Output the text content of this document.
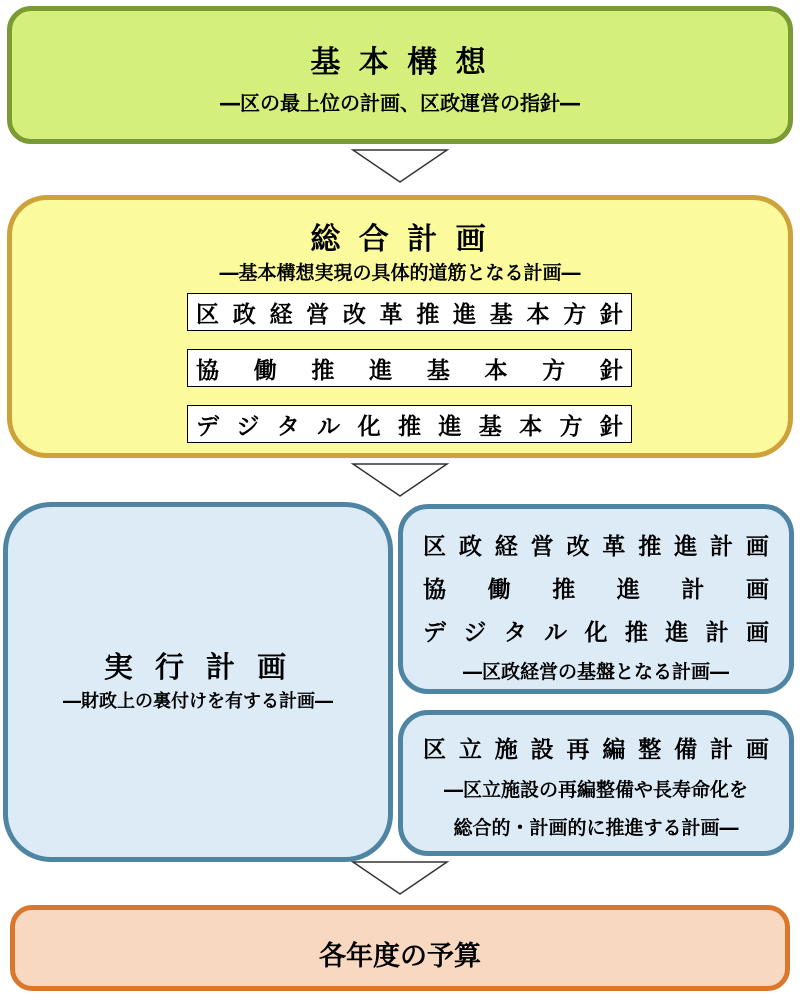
基 本 構 想
―区の最上位の計画、区政運営の指針―
総 合 計 画
―基本構想実現の具体的道筋となる計画―
区 政 経 営 改 革 推 進 基 本 方 針
協 働 推 進 基 本 方 針
デ ジ タ ル 化 推 進 基 本 方 針
実 行 計 画
―財政上の裏付けを有する計画―
区 政 経 営 改 革 推 進 計 画
協 働 推 進 計 画
デ ジ タ ル 化 推 進 計 画
―区政経営の基盤となる計画―
区 立 施 設 再 編 整 備 計 画
―区立施設の再編整備や長寿命化を
総合的・計画的に推進する計画―
各年度の予算
